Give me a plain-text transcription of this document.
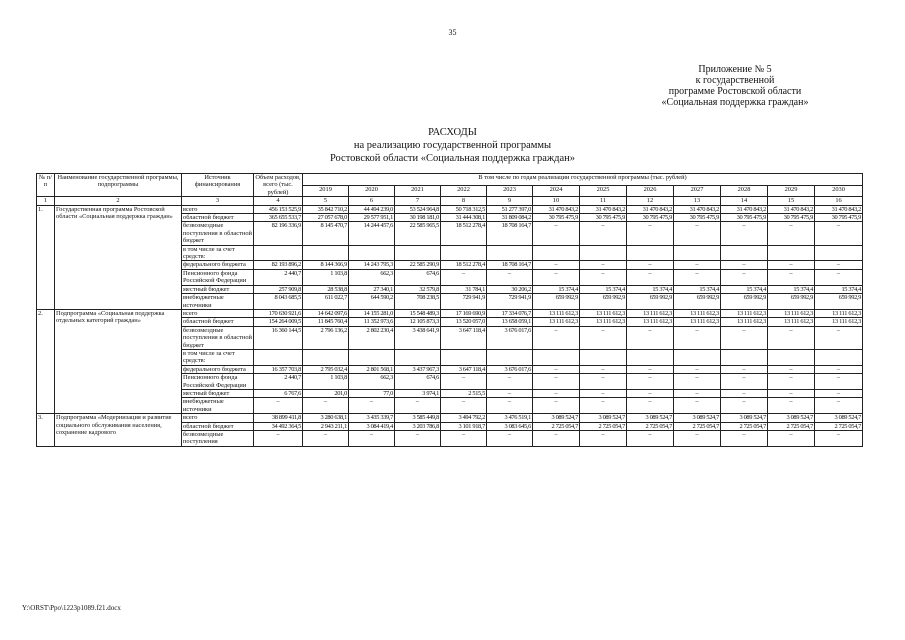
35
Приложение № 5
к государственной
программе Ростовской области
«Социальная поддержка граждан»
РАСХОДЫ
на реализацию государственной программы
Ростовской области «Социальная поддержка граждан»
№ п/п	Наименование государственной программы, подпрограммы	Источник финансирования	Объем расходов, всего (тыс. рублей)	В том числе по годам реализации государственной программы (тыс. рублей)											
				2019	2020	2021	2022	2023	2024	2025	2026	2027	2028	2029	2030
1	2	3	4	5	6	7	8	9	10	11	12	13	14	15	16
1.	Государственная программа Ростовской области «Социальная поддержка граждан»	всего	456 153 525,9	35 842 710,2	44 494 239,0	53 524 964,8	50 718 312,5	51 277 397,0	31 470 843,2	31 470 843,2	31 470 843,2	31 470 843,2	31 470 843,2	31 470 843,2	31 470 843,2
		областной бюджет	365 655 533,7	27 057 678,0	29 577 951,1	30 198 181,0	31 444 308,1	31 809 084,2	30 795 475,9	30 795 475,9	30 795 475,9	30 795 475,9	30 795 475,9	30 795 475,9	30 795 475,9
		безвозмездные поступления в областной бюджет	82 196 336,9	8 145 470,7	14 244 457,6	22 585 965,5	18 512 278,4	18 708 164,7	–	–	–	–	–	–	–
		в том числе за счет средств:													
		федерального бюджета	82 193 896,2	8 144 366,9	14 243 795,3	22 585 290,9	18 512 278,4	18 708 164,7	–	–	–	–	–	–	–
		Пенсионного фонда Российской Федерации	2 440,7	1 103,8	662,3	674,6	–	–	–	–	–	–	–	–	–
		местный бюджет	257 909,8	28 538,8	27 340,1	32 579,8	31 784,1	30 206,2	15 374,4	15 374,4	15 374,4	15 374,4	15 374,4	15 374,4	15 374,4
		внебюджетные источники	8 043 685,5	611 022,7	644 590,2	708 238,5	729 941,9	729 941,9	659 992,9	659 992,9	659 992,9	659 992,9	659 992,9	659 992,9	659 992,9
2.	Подпрограмма «Социальная поддержка отдельных категорий граждан»	всего	170 630 921,6	14 642 097,6	14 155 281,0	15 548 489,3	17 169 690,9	17 334 076,7	13 111 612,3	13 111 612,3	13 111 612,3	13 111 612,3	13 111 612,3	13 111 612,3	13 111 612,3
		областной бюджет	154 264 009,5	11 845 760,4	11 352 973,6	12 105 873,3	13 520 057,0	13 658 059,1	13 111 612,3	13 111 612,3	13 111 612,3	13 111 612,3	13 111 612,3	13 111 612,3	13 111 612,3
		безвозмездные поступления в областной бюджет	16 360 144,5	2 796 136,2	2 802 230,4	3 438 641,9	3 647 118,4	3 676 017,6	–	–	–	–	–	–	–
		в том числе за счет средств:													
		федерального бюджета	16 357 703,8	2 795 032,4	2 801 568,1	3 437 967,3	3 647 118,4	3 676 017,6	–	–	–	–	–	–	–
		Пенсионного фонда Российской Федерации	2 440,7	1 103,8	662,3	674,6	–	–	–	–	–	–	–	–	–
		местный бюджет	6 767,6	201,0	77,0	3 974,1	2 515,5	–	–	–	–	–	–	–	–
		внебюджетные источники	–	–	–	–	–	–	–	–	–	–	–	–	–
3.	Подпрограмма «Модернизация и развитие социального обслуживания населения, сохранение кадрового	всего	38 899 411,8	3 280 638,1	3 435 339,7	3 585 449,8	3 494 792,2	3 476 519,1	3 089 524,7	3 089 524,7	3 089 524,7	3 089 524,7	3 089 524,7	3 089 524,7	3 089 524,7
		областной бюджет	34 492 364,5	2 943 211,1	3 084 419,4	3 203 786,8	3 101 918,7	3 083 645,6	2 725 054,7	2 725 054,7	2 725 054,7	2 725 054,7	2 725 054,7	2 725 054,7	2 725 054,7
		безвозмездные поступления	–	–	–	–	–	–	–	–	–	–	–	–	–
Y:\ORST\Ppo\1223p1089.f21.docx
